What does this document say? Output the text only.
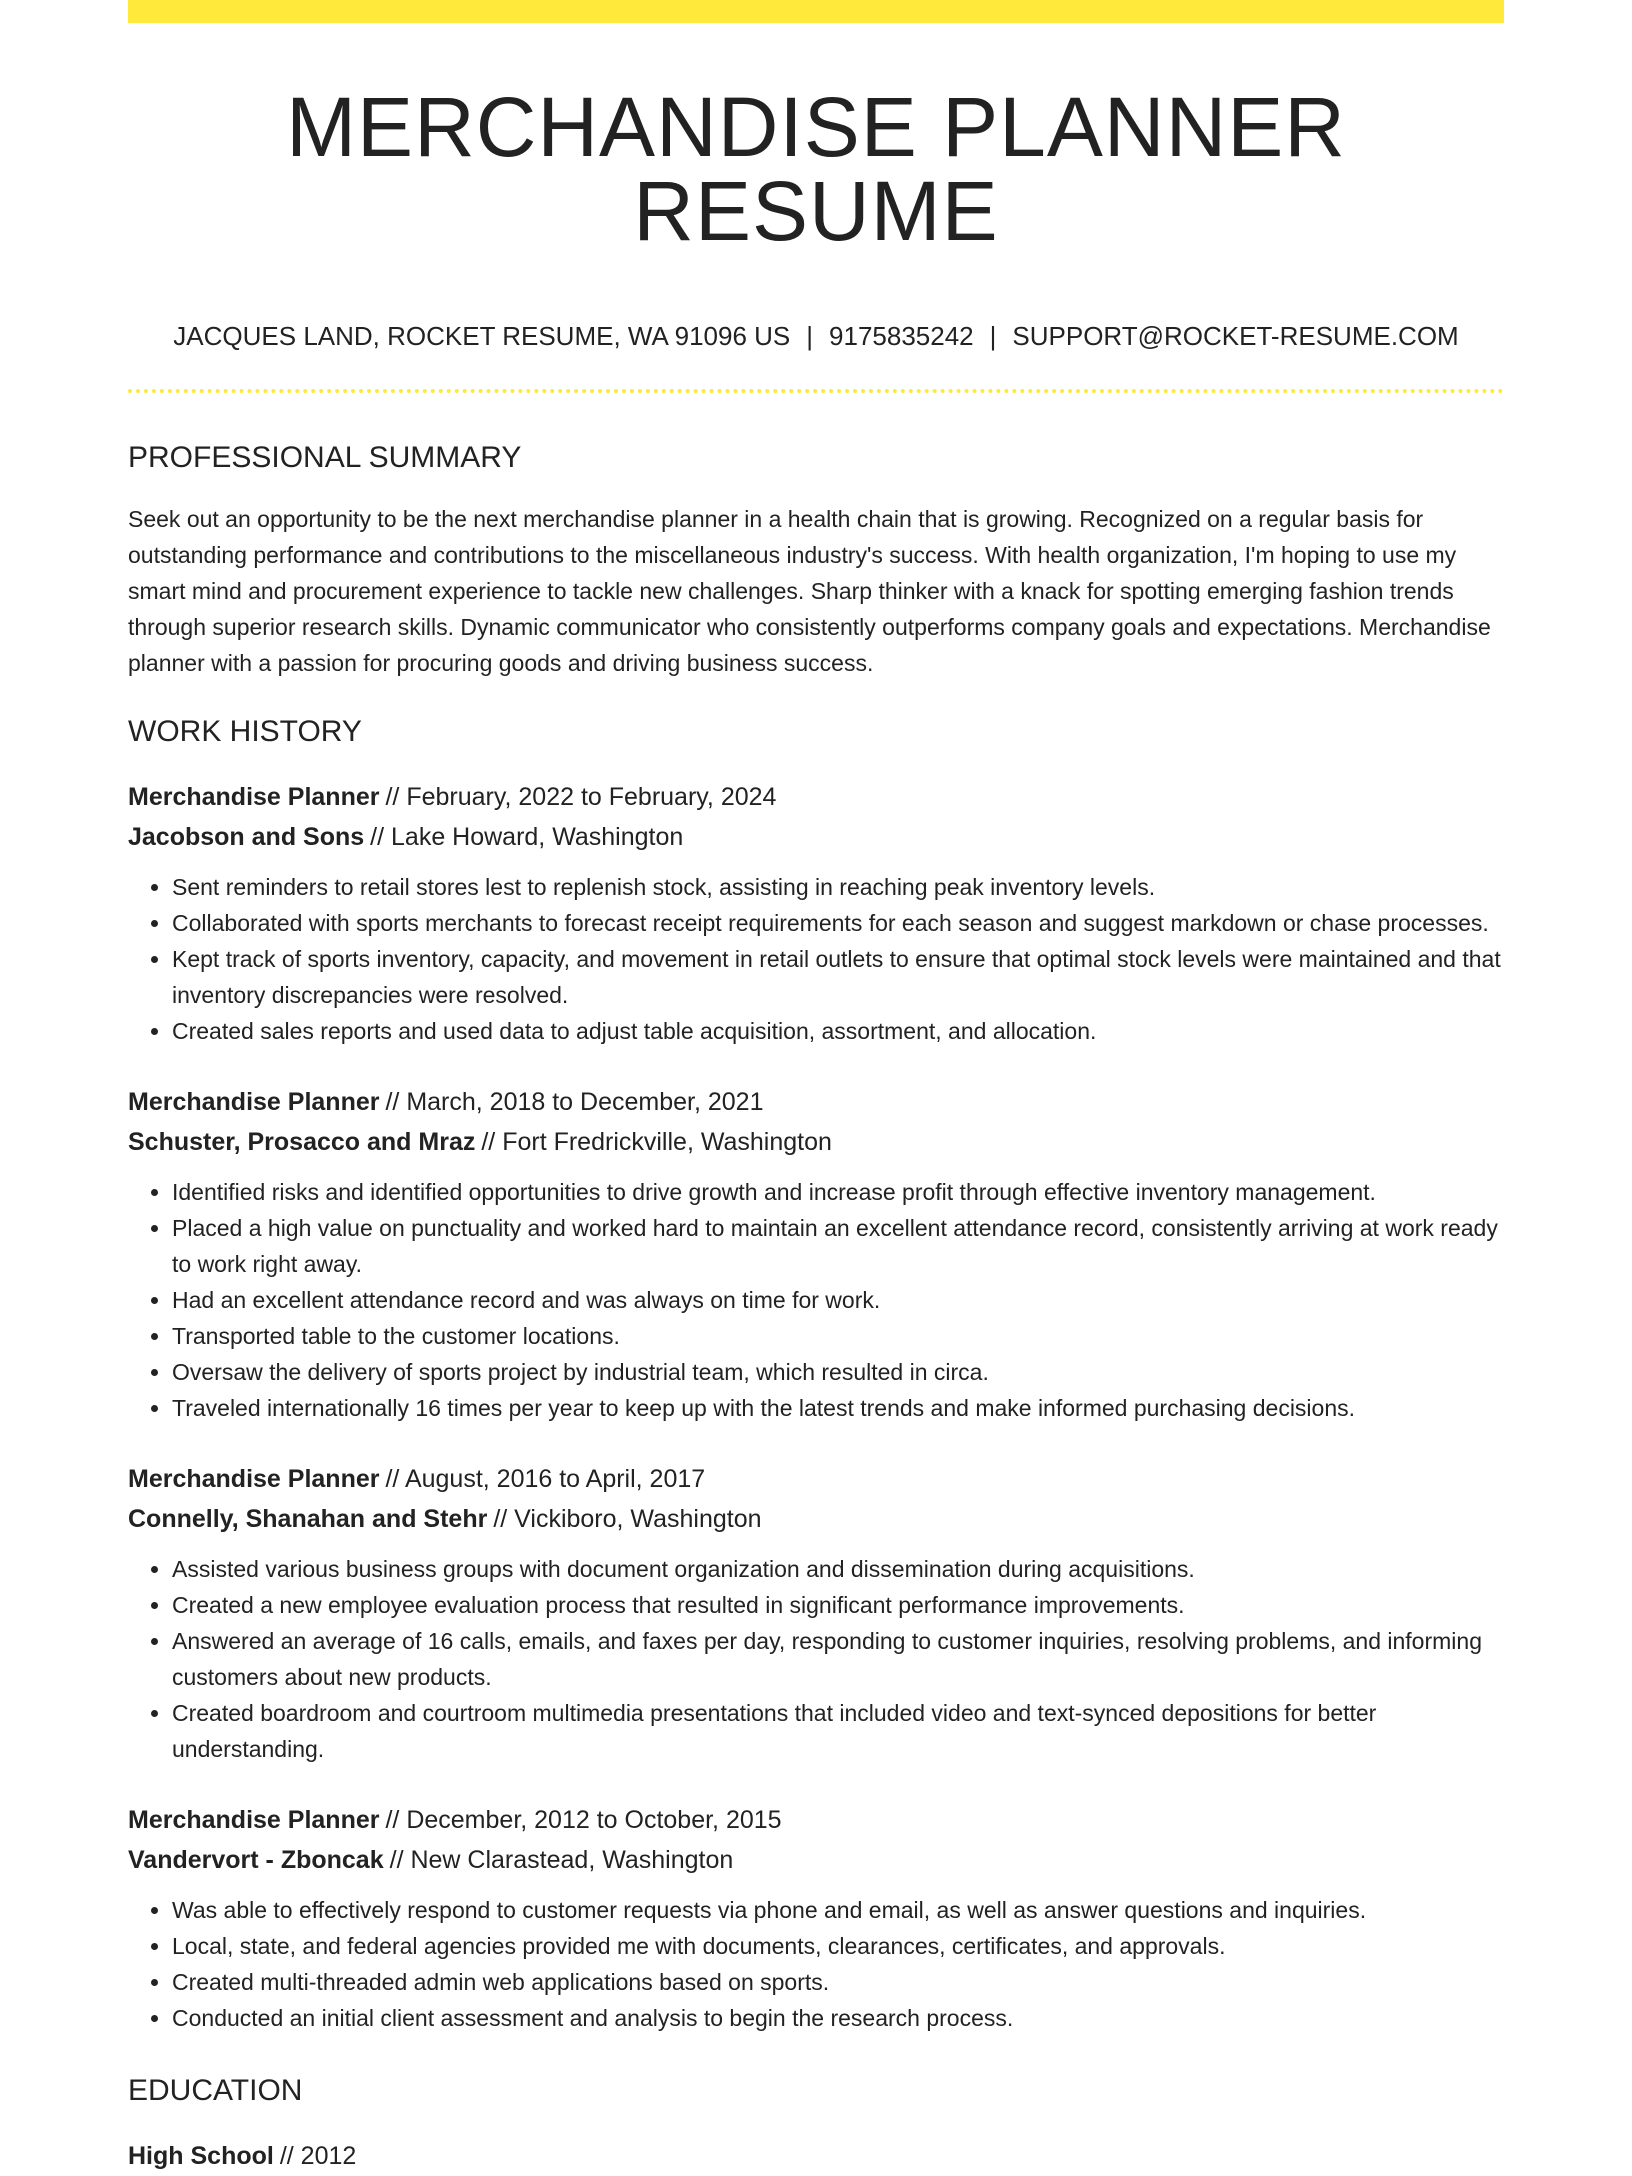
MERCHANDISE PLANNER RESUME
JACQUES LAND, ROCKET RESUME, WA 91096 US | 9175835242 | SUPPORT@ROCKET-RESUME.COM
PROFESSIONAL SUMMARY

Seek out an opportunity to be the next merchandise planner in a health chain that is growing. Recognized on a regular basis for outstanding performance and contributions to the miscellaneous industry's success. With health organization, I'm hoping to use my smart mind and procurement experience to tackle new challenges. Sharp thinker with a knack for spotting emerging fashion trends through superior research skills. Dynamic communicator who consistently outperforms company goals and expectations. Merchandise planner with a passion for procuring goods and driving business success.

WORK HISTORY

Merchandise Planner // February, 2022 to February, 2024

Jacobson and Sons // Lake Howard, Washington

• Sent reminders to retail stores lest to replenish stock, assisting in reaching peak inventory levels.
• Collaborated with sports merchants to forecast receipt requirements for each season and suggest markdown or chase processes.
• Kept track of sports inventory, capacity, and movement in retail outlets to ensure that optimal stock levels were maintained and that inventory discrepancies were resolved.
• Created sales reports and used data to adjust table acquisition, assortment, and allocation.

Merchandise Planner // March, 2018 to December, 2021

Schuster, Prosacco and Mraz // Fort Fredrickville, Washington

• Identified risks and identified opportunities to drive growth and increase profit through effective inventory management.
• Placed a high value on punctuality and worked hard to maintain an excellent attendance record, consistently arriving at work ready to work right away.
• Had an excellent attendance record and was always on time for work.
• Transported table to the customer locations.
• Oversaw the delivery of sports project by industrial team, which resulted in circa.
• Traveled internationally 16 times per year to keep up with the latest trends and make informed purchasing decisions.

Merchandise Planner // August, 2016 to April, 2017

Connelly, Shanahan and Stehr // Vickiboro, Washington

• Assisted various business groups with document organization and dissemination during acquisitions.
• Created a new employee evaluation process that resulted in significant performance improvements.
• Answered an average of 16 calls, emails, and faxes per day, responding to customer inquiries, resolving problems, and informing customers about new products.
• Created boardroom and courtroom multimedia presentations that included video and text-synced depositions for better understanding.

Merchandise Planner // December, 2012 to October, 2015

Vandervort - Zboncak // New Clarastead, Washington

• Was able to effectively respond to customer requests via phone and email, as well as answer questions and inquiries.
• Local, state, and federal agencies provided me with documents, clearances, certificates, and approvals.
• Created multi-threaded admin web applications based on sports.
• Conducted an initial client assessment and analysis to begin the research process.
EDUCATION

High School // 2012
